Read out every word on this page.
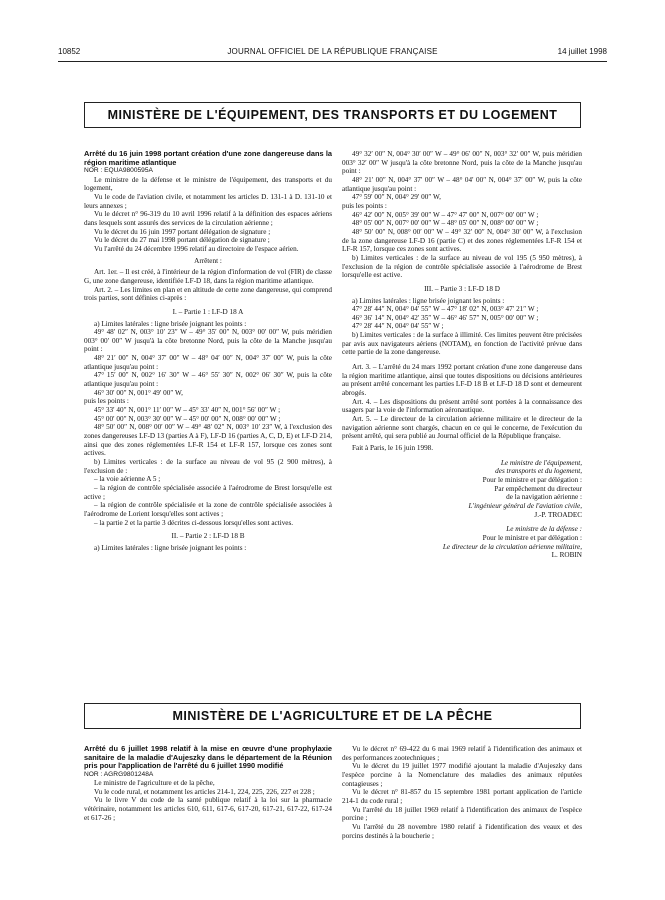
10852	JOURNAL OFFICIEL DE LA RÉPUBLIQUE FRANÇAISE	14 juillet 1998
MINISTÈRE DE L'ÉQUIPEMENT, DES TRANSPORTS ET DU LOGEMENT

Arrêté du 16 juin 1998 portant création d'une zone dangereuse dans la région maritime atlantique

NOR : EQUA9800595A

Le ministre de la défense et le ministre de l'équipement, des transports et du logement,

Vu le code de l'aviation civile, et notamment les articles D. 131-1 à D. 131-10 et leurs annexes ;

Vu le décret n° 96-319 du 10 avril 1996 relatif à la définition des espaces aériens dans lesquels sont assurés des services de la circulation aérienne ;

Vu le décret du 16 juin 1997 portant délégation de signature ;

Vu le décret du 27 mai 1998 portant délégation de signature ;

Vu l'arrêté du 24 décembre 1996 relatif au directoire de l'espace aérien.

Arrêtent :

Art. 1er. – Il est créé, à l'intérieur de la région d'information de vol (FIR) de classe G, une zone dangereuse, identifiée LF-D 18, dans la région maritime atlantique.

Art. 2. – Les limites en plan et en altitude de cette zone dangereuse, qui comprend trois parties, sont définies ci-après :

I. – Partie 1 : LF-D 18 A

a) Limites latérales : ligne brisée joignant les points :

49° 48′ 02″ N, 003° 10′ 23″ W – 49° 35′ 00″ N, 003° 00′ 00″ W, puis méridien 003° 00′ 00″ W jusqu'à la côte bretonne Nord, puis la côte de la Manche jusqu'au point :

48° 21′ 00″ N, 004° 37′ 00″ W – 48° 04′ 00″ N, 004° 37′ 00″ W, puis la côte atlantique jusqu'au point :

47° 15′ 00″ N, 002° 16′ 30″ W – 46° 55′ 30″ N, 002° 06′ 30″ W, puis la côte atlantique jusqu'au point :

46° 30′ 00″ N, 001° 49′ 00″ W,

puis les points :

45° 33′ 40″ N, 001° 11′ 00″ W – 45° 33′ 40″ N, 001° 56′ 00″ W ;

45° 00′ 00″ N, 003° 30′ 00″ W – 45° 00′ 00″ N, 008° 00′ 00″ W ;

48° 50′ 00″ N, 008° 00′ 00″ W – 49° 48′ 02″ N, 003° 10′ 23″ W, à l'exclusion des zones dangereuses LF-D 13 (parties A à F), LF-D 16 (parties A, C, D, E) et LF-D 214, ainsi que des zones réglementées LF-R 154 et LF-R 157, lorsque ces zones sont actives.

b) Limites verticales : de la surface au niveau de vol 95 (2 900 mètres), à l'exclusion de :

– la voie aérienne A 5 ;

– la région de contrôle spécialisée associée à l'aérodrome de Brest lorsqu'elle est active ;

– la région de contrôle spécialisée et la zone de contrôle spécialisée associées à l'aérodrome de Lorient lorsqu'elles sont actives ;

– la partie 2 et la partie 3 décrites ci-dessous lorsqu'elles sont actives.

II. – Partie 2 : LF-D 18 B

a) Limites latérales : ligne brisée joignant les points :

49° 32′ 00″ N, 004° 30′ 00″ W – 49° 06′ 00″ N, 003° 32′ 00″ W, puis méridien 003° 32′ 00″ W jusqu'à la côte bretonne Nord, puis la côte de la Manche jusqu'au point :

48° 21′ 00″ N, 004° 37′ 00″ W – 48° 04′ 00″ N, 004° 37′ 00″ W, puis la côte atlantique jusqu'au point :

47° 59′ 00″ N, 004° 29′ 00″ W,

puis les points :

46° 42′ 00″ N, 005° 39′ 00″ W – 47° 47′ 00″ N, 007° 00′ 00″ W ;

48° 05′ 00″ N, 007° 00′ 00″ W – 48° 05′ 00″ N, 008° 00′ 00″ W ;

48° 50′ 00″ N, 008° 00′ 00″ W – 49° 32′ 00″ N, 004° 30′ 00″ W, à l'exclusion de la zone dangereuse LF-D 16 (partie C) et des zones réglementées LF-R 154 et LF-R 157, lorsque ces zones sont actives.

b) Limites verticales : de la surface au niveau de vol 195 (5 950 mètres), à l'exclusion de la région de contrôle spécialisée associée à l'aérodrome de Brest lorsqu'elle est active.

III. – Partie 3 : LF-D 18 D

a) Limites latérales : ligne brisée joignant les points :

47° 28′ 44″ N, 004° 04′ 55″ W – 47° 18′ 02″ N, 003° 47′ 21″ W ;

46° 36′ 14″ N, 004° 42′ 35″ W – 46° 46′ 57″ N, 005° 00′ 00″ W ;

47° 28′ 44″ N, 004° 04′ 55″ W ;

b) Limites verticales : de la surface à illimité. Ces limites peuvent être précisées par avis aux navigateurs aériens (NOTAM), en fonction de l'activité prévue dans cette partie de la zone dangereuse.

Art. 3. – L'arrêté du 24 mars 1992 portant création d'une zone dangereuse dans la région maritime atlantique, ainsi que toutes dispositions ou décisions antérieures au présent arrêté concernant les parties LF-D 18 B et LF-D 18 D sont et demeurent abrogés.

Art. 4. – Les dispositions du présent arrêté sont portées à la connaissance des usagers par la voie de l'information aéronautique.

Art. 5. – Le directeur de la circulation aérienne militaire et le directeur de la navigation aérienne sont chargés, chacun en ce qui le concerne, de l'exécution du présent arrêté, qui sera publié au Journal officiel de la République française.

Fait à Paris, le 16 juin 1998.

Le ministre de l'équipement,

des transports et du logement,

Pour le ministre et par délégation :

Par empêchement du directeur

de la navigation aérienne :

L'ingénieur général de l'aviation civile,

J.-P. TROADEC

Le ministre de la défense :

Pour le ministre et par délégation :

Le directeur de la circulation aérienne militaire,

L. ROBIN

MINISTÈRE DE L'AGRICULTURE ET DE LA PÊCHE

Arrêté du 6 juillet 1998 relatif à la mise en œuvre d'une prophylaxie sanitaire de la maladie d'Aujeszky dans le département de la Réunion pris pour l'application de l'arrêté du 6 juillet 1990 modifié

NOR : AGRG9801248A

Le ministre de l'agriculture et de la pêche,

Vu le code rural, et notamment les articles 214-1, 224, 225, 226, 227 et 228 ;

Vu le livre V du code de la santé publique relatif à la loi sur la pharmacie vétérinaire, notamment les articles 610, 611, 617-6, 617-20, 617-21, 617-22, 617-24 et 617-26 ;

Vu le décret n° 69-422 du 6 mai 1969 relatif à l'identification des animaux et des performances zootechniques ;

Vu le décret du 19 juillet 1977 modifié ajoutant la maladie d'Aujeszky dans l'espèce porcine à la Nomenclature des maladies des animaux réputées contagieuses ;

Vu le décret n° 81-857 du 15 septembre 1981 portant application de l'article 214-1 du code rural ;

Vu l'arrêté du 18 juillet 1969 relatif à l'identification des animaux de l'espèce porcine ;

Vu l'arrêté du 28 novembre 1980 relatif à l'identification des veaux et des porcins destinés à la boucherie ;
